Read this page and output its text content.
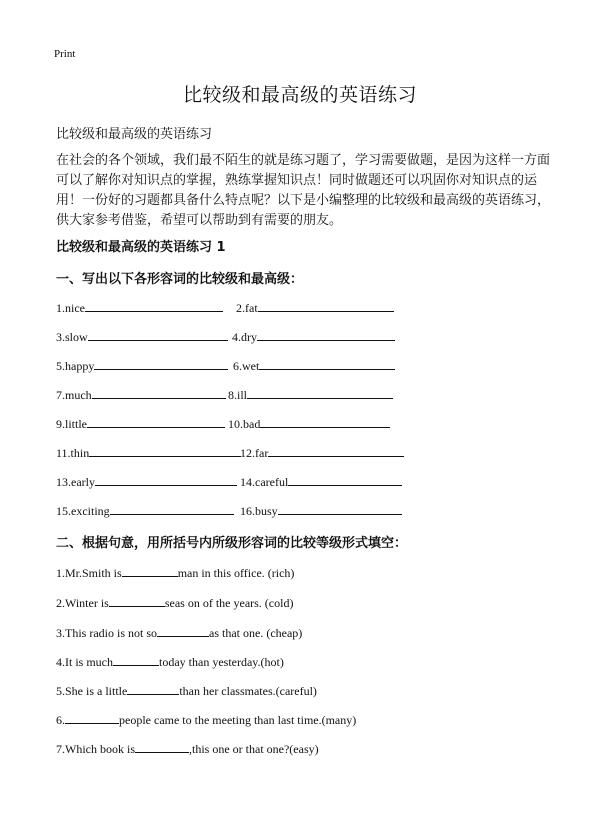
Print
比较级和最高级的英语练习
比较级和最高级的英语练习
在社会的各个领域，我们最不陌生的就是练习题了，学习需要做题，是因为这样一方面可以了解你对知识点的掌握，熟练掌握知识点！同时做题还可以巩固你对知识点的运用！一份好的习题都具备什么特点呢？以下是小编整理的比较级和最高级的英语练习，供大家参考借鉴，希望可以帮助到有需要的朋友。
比较级和最高级的英语练习 1
一、写出以下各形容词的比较级和最高级：
1.nice	2.fat
3.slow	4.dry
5.happy	6.wet
7.much	8.ill
9.little	10.bad
11.thin	12.far
13.early	14.careful
15.exciting	16.busy
二、根据句意，用所括号内所级形容词的比较等级形式填空：
1.Mr.Smith is	man in this office. (rich)
2.Winter is	seas on of the years. (cold)
3.This radio is not so	as that one. (cheap)
4.It is much	today than yesterday.(hot)
5.She is a little	than her classmates.(careful)
6.	people came to the meeting than last time.(many)
7.Which book is	,this one or that one?(easy)
